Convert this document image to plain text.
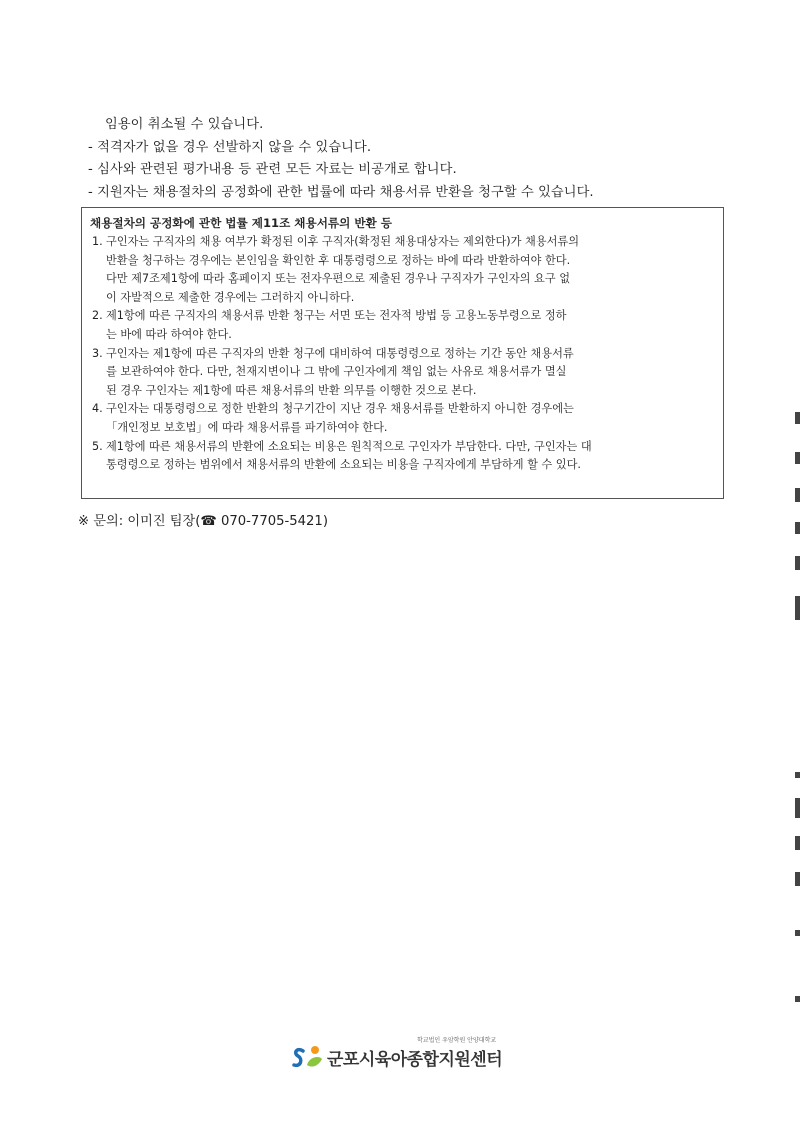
임용이 취소될 수 있습니다.
- 적격자가 없을 경우 선발하지 않을 수 있습니다.
- 심사와 관련된 평가내용 등 관련 모든 자료는 비공개로 합니다.
- 지원자는 채용절차의 공정화에 관한 법률에 따라 채용서류 반환을 청구할 수 있습니다.
채용절차의 공정화에 관한 법률 제11조 채용서류의 반환 등
1. 구인자는 구직자의 채용 여부가 확정된 이후 구직자(확정된 채용대상자는 제외한다)가 채용서류의
반환을 청구하는 경우에는 본인임을 확인한 후 대통령령으로 정하는 바에 따라 반환하여야 한다.
다만 제7조제1항에 따라 홈페이지 또는 전자우편으로 제출된 경우나 구직자가 구인자의 요구 없
이 자발적으로 제출한 경우에는 그러하지 아니하다.
2. 제1항에 따른 구직자의 채용서류 반환 청구는 서면 또는 전자적 방법 등 고용노동부령으로 정하
는 바에 따라 하여야 한다.
3. 구인자는 제1항에 따른 구직자의 반환 청구에 대비하여 대통령령으로 정하는 기간 동안 채용서류
를 보관하여야 한다. 다만, 천재지변이나 그 밖에 구인자에게 책임 없는 사유로 채용서류가 멸실
된 경우 구인자는 제1항에 따른 채용서류의 반환 의무를 이행한 것으로 본다.
4. 구인자는 대통령령으로 정한 반환의 청구기간이 지난 경우 채용서류를 반환하지 아니한 경우에는
「개인정보 보호법」에 따라 채용서류를 파기하여야 한다.
5. 제1항에 따른 채용서류의 반환에 소요되는 비용은 원칙적으로 구인자가 부담한다. 다만, 구인자는 대
통령령으로 정하는 범위에서 채용서류의 반환에 소요되는 비용을 구직자에게 부담하게 할 수 있다.
※ 문의: 이미진 팀장(☎ 070-7705-5421)
학교법인 우암학원 안양대학교
군포시육아종합지원센터
